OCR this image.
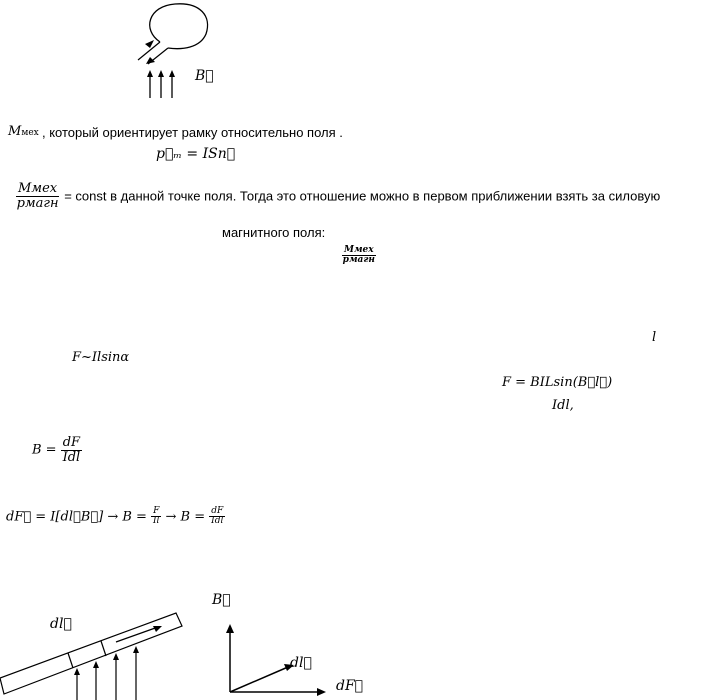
B⃗
Mмех , который ориентирует рамку относительно поля .
p⃗ₘ = ISn⃗
$\frac{\text{Mмех}}{\text{pмагн}}$ = const в данной точке поля. Тогда это отношение можно в первом приближении взять за силовую
магнитного поля:
$\frac{\text{Mмех}}{\text{pмагн}}$
l
F~Ilsinα
F = BILsin(B⃗l⃗)
Idl,
$B = \frac{dF}{\text{Idl}}$
dF⃗ = I[dl⃗B⃗] → $B = \frac{F}{Il} \to B = \frac{dF}{\text{Idl}}$
dl⃗
B⃗
dl⃗
dF⃗
